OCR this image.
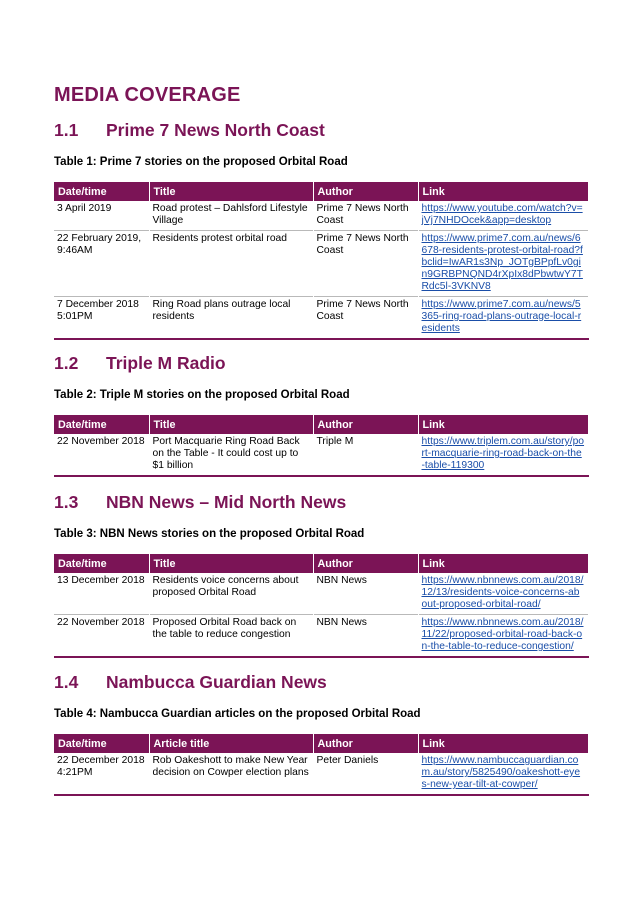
MEDIA COVERAGE
1.1 Prime 7 News North Coast
Table 1: Prime 7 stories on the proposed Orbital Road
Date/time	Title	Author	Link
3 April 2019	Road protest – Dahlsford Lifestyle Village	Prime 7 News North Coast	https://www.youtube.com/watch?v=jVj7NHDOcek&app=desktop
22 February 2019, 9:46AM	Residents protest orbital road	Prime 7 News North Coast	https://www.prime7.com.au/news/6678-residents-protest-orbital-road?fbclid=IwAR1s3Np_JOTgBPpfLv0gin9GRBPNQND4rXpIx8dPbwtwY7TRdc5l-3VKNV8
7 December 2018 5:01PM	Ring Road plans outrage local residents	Prime 7 News North Coast	https://www.prime7.com.au/news/5365-ring-road-plans-outrage-local-residents
1.2 Triple M Radio
Table 2: Triple M stories on the proposed Orbital Road
Date/time	Title	Author	Link
22 November 2018	Port Macquarie Ring Road Back on the Table - It could cost up to $1 billion	Triple M	https://www.triplem.com.au/story/port-macquarie-ring-road-back-on-the-table-119300
1.3 NBN News – Mid North News
Table 3: NBN News stories on the proposed Orbital Road
Date/time	Title	Author	Link
13 December 2018	Residents voice concerns about proposed Orbital Road	NBN News	https://www.nbnnews.com.au/2018/12/13/residents-voice-concerns-about-proposed-orbital-road/
22 November 2018	Proposed Orbital Road back on the table to reduce congestion	NBN News	https://www.nbnnews.com.au/2018/11/22/proposed-orbital-road-back-on-the-table-to-reduce-congestion/
1.4 Nambucca Guardian News
Table 4: Nambucca Guardian articles on the proposed Orbital Road
Date/time	Article title	Author	Link
22 December 2018 4:21PM	Rob Oakeshott to make New Year decision on Cowper election plans	Peter Daniels	https://www.nambuccaguardian.com.au/story/5825490/oakeshott-eyes-new-year-tilt-at-cowper/
